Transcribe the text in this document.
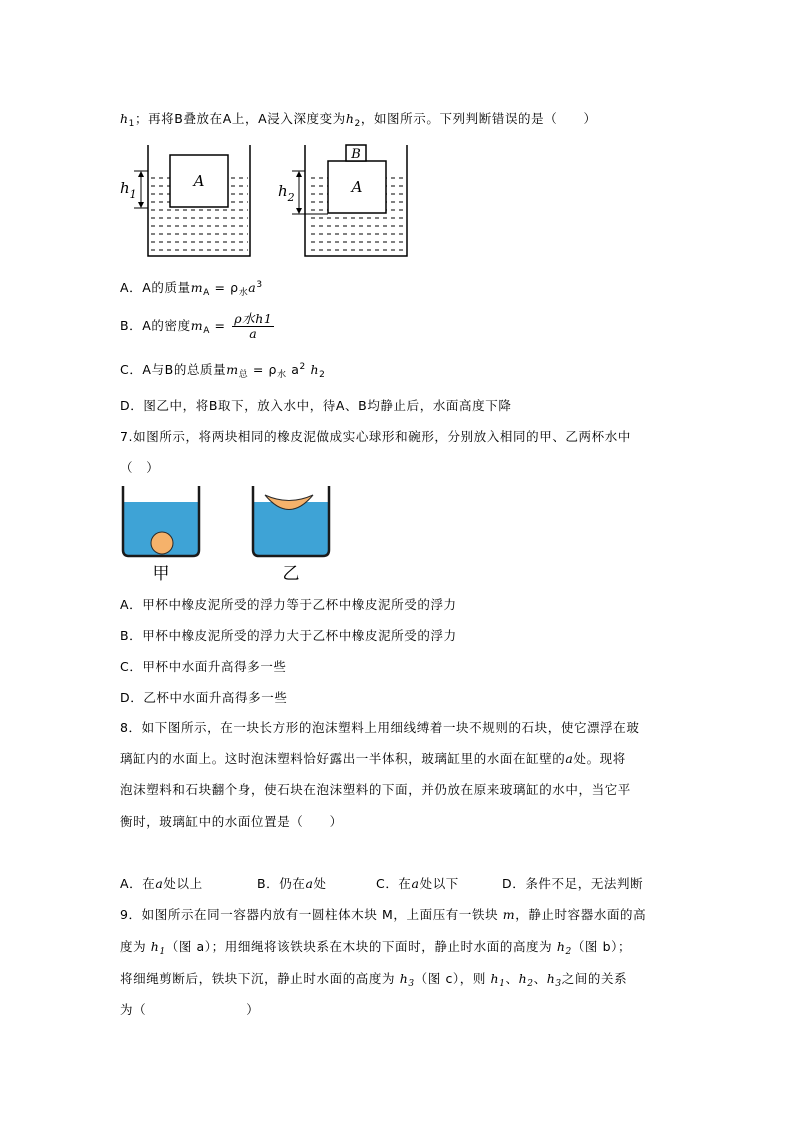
$h_1$；再将B叠放在A上，A浸入深度变为$h_2$，如图所示。下列判断错误的是（　　）
A
$h_1$	A
B
$h_2$
A．A的质量$m_A = \rho_水a^3$
B．A的密度$m_A = \frac{\text{ρ水h1}}{a}$
C．A与B的总质量$m_总 = \rho_水$ $a^2$ $h_2$
D．图乙中，将B取下，放入水中，待A、B均静止后，水面高度下降
7.如图所示，将两块相同的橡皮泥做成实心球形和碗形，分别放入相同的甲、乙两杯水中
（　）
甲	乙
A．甲杯中橡皮泥所受的浮力等于乙杯中橡皮泥所受的浮力
B．甲杯中橡皮泥所受的浮力大于乙杯中橡皮泥所受的浮力
C．甲杯中水面升高得多一些
D．乙杯中水面升高得多一些
8．如下图所示，在一块长方形的泡沫塑料上用细线缚着一块不规则的石块，使它漂浮在玻
璃缸内的水面上。这时泡沫塑料恰好露出一半体积，玻璃缸里的水面在缸壁的a处。现将
泡沫塑料和石块翻个身，使石块在泡沫塑料的下面，并仍放在原来玻璃缸的水中，当它平
衡时，玻璃缸中的水面位置是（　　）
A．在a处以上	B．仍在a处	C．在a处以下	D．条件不足，无法判断
9．如图所示在同一容器内放有一圆柱体木块 M，上面压有一铁块 m，静止时容器水面的高
度为 $h_1$（图 a）；用细绳将该铁块系在木块的下面时，静止时水面的高度为 $h_2$（图 b）；
将细绳剪断后，铁块下沉，静止时水面的高度为 $h_3$（图 c），则 $h_1$、$h_2$、$h_3$之间的关系
为（	）
